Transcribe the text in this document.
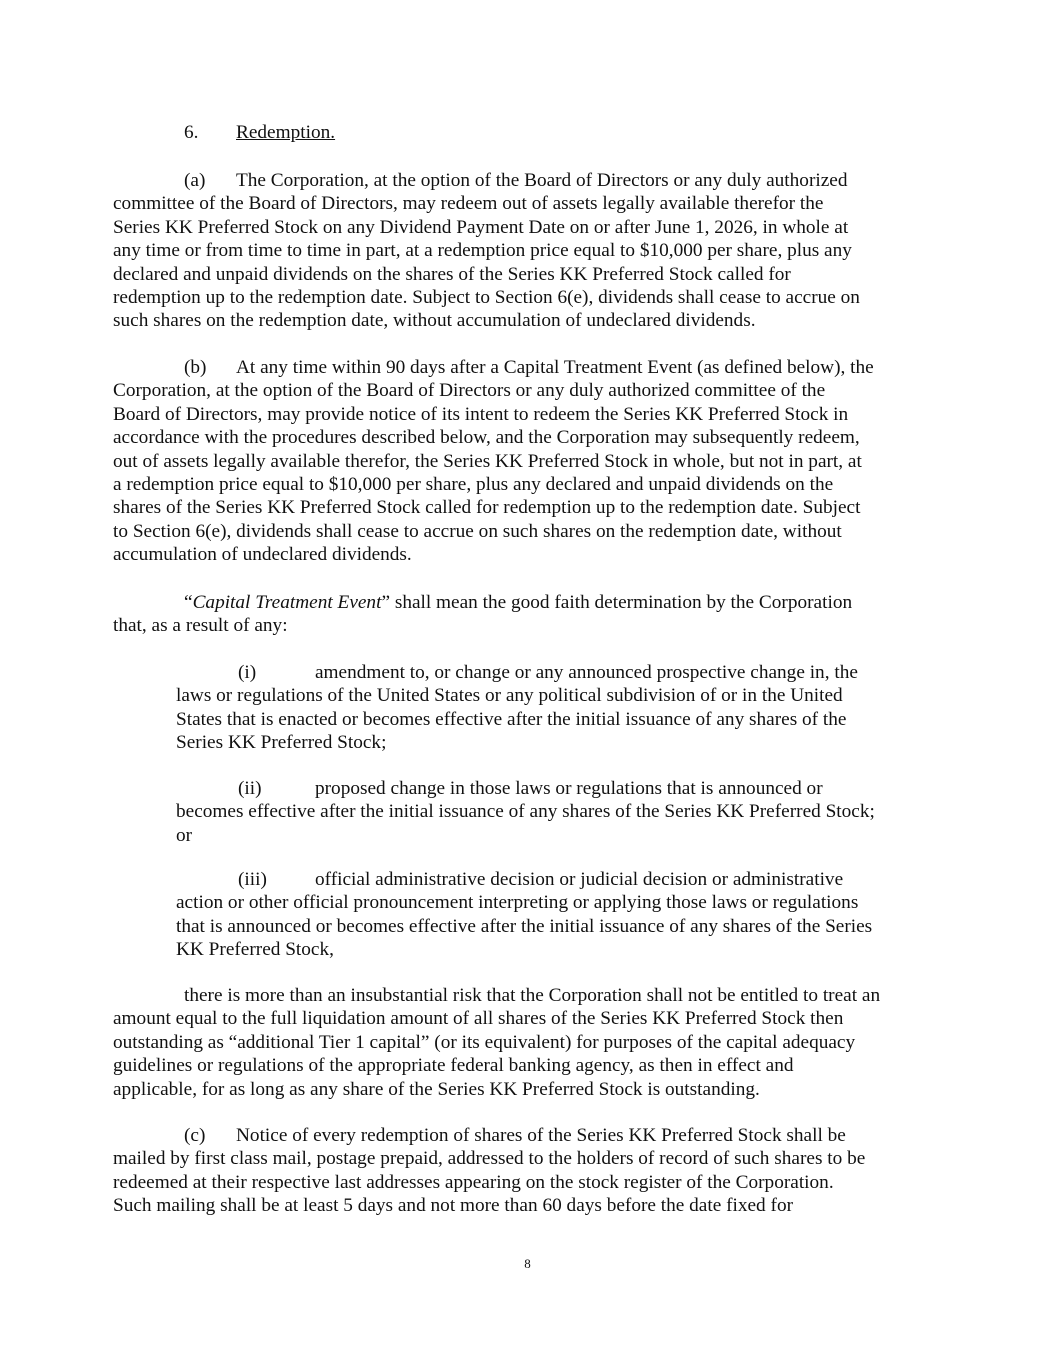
6. Redemption.
(a) The Corporation, at the option of the Board of Directors or any duly authorized
committee of the Board of Directors, may redeem out of assets legally available therefor the
Series KK Preferred Stock on any Dividend Payment Date on or after June 1, 2026, in whole at
any time or from time to time in part, at a redemption price equal to $10,000 per share, plus any
declared and unpaid dividends on the shares of the Series KK Preferred Stock called for
redemption up to the redemption date. Subject to Section 6(e), dividends shall cease to accrue on
such shares on the redemption date, without accumulation of undeclared dividends.
(b) At any time within 90 days after a Capital Treatment Event (as defined below), the
Corporation, at the option of the Board of Directors or any duly authorized committee of the
Board of Directors, may provide notice of its intent to redeem the Series KK Preferred Stock in
accordance with the procedures described below, and the Corporation may subsequently redeem,
out of assets legally available therefor, the Series KK Preferred Stock in whole, but not in part, at
a redemption price equal to $10,000 per share, plus any declared and unpaid dividends on the
shares of the Series KK Preferred Stock called for redemption up to the redemption date. Subject
to Section 6(e), dividends shall cease to accrue on such shares on the redemption date, without
accumulation of undeclared dividends.
“Capital Treatment Event” shall mean the good faith determination by the Corporation
that, as a result of any:
(i)	amendment to, or change or any announced prospective change in, the
laws or regulations of the United States or any political subdivision of or in the United
States that is enacted or becomes effective after the initial issuance of any shares of the
Series KK Preferred Stock;
(ii)	proposed change in those laws or regulations that is announced or
becomes effective after the initial issuance of any shares of the Series KK Preferred Stock;
or
(iii) official administrative decision or judicial decision or administrative
action or other official pronouncement interpreting or applying those laws or regulations
that is announced or becomes effective after the initial issuance of any shares of the Series
KK Preferred Stock,
there is more than an insubstantial risk that the Corporation shall not be entitled to treat an
amount equal to the full liquidation amount of all shares of the Series KK Preferred Stock then
outstanding as “additional Tier 1 capital” (or its equivalent) for purposes of the capital adequacy
guidelines or regulations of the appropriate federal banking agency, as then in effect and
applicable, for as long as any share of the Series KK Preferred Stock is outstanding.
(c) Notice of every redemption of shares of the Series KK Preferred Stock shall be
mailed by first class mail, postage prepaid, addressed to the holders of record of such shares to be
redeemed at their respective last addresses appearing on the stock register of the Corporation.
Such mailing shall be at least 5 days and not more than 60 days before the date fixed for
8
